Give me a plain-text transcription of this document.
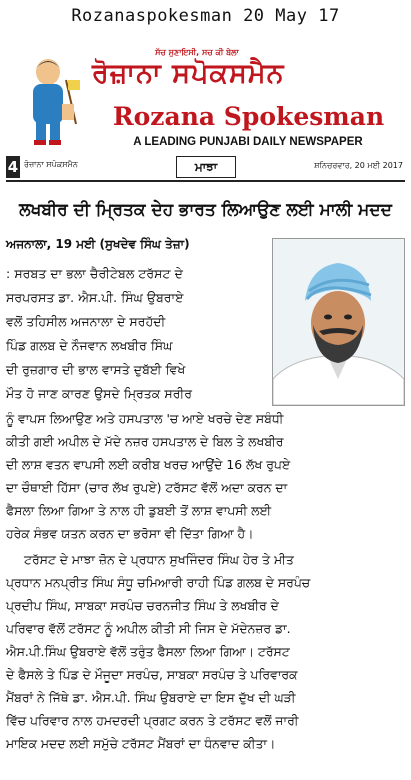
Rozanaspokesman 20 May 17
ਸੱਚ ਸੁਣਾਇਸੀ, ਸਚ ਕੀ ਬੇਲਾ
ਰੋਜ਼ਾਨਾ ਸਪੋਕਸਮੈਨ
Rozana Spokesman
A LEADING PUNJABI DAILY NEWSPAPER
4 ਰੋਜ਼ਾਨਾ ਸਪੋਕਸਮੈਨ	ਮਾਝਾ	ਸ਼ਨਿਚਰਵਾਰ, 20 ਮਈ 2017
ਲਖਬੀਰ ਦੀ ਮ੍ਰਿਤਕ ਦੇਹ ਭਾਰਤ ਲਿਆਉਣ ਲਈ ਮਾਲੀ ਮਦਦ
ਅਜਨਾਲਾ, 19 ਮਈ (ਸੁਖਦੇਵ ਸਿੰਘ ਤੇਜ਼ਾ)
: ਸਰਬਤ ਦਾ ਭਲਾ ਚੈਰੀਟੇਬਲ ਟਰੱਸਟ ਦੇ
ਸਰਪਰਸਤ ਡਾ. ਐਸ.ਪੀ. ਸਿੰਘ ਉਬਰਾਏ
ਵਲੋਂ ਤਹਿਸੀਲ ਅਜਨਾਲਾ ਦੇ ਸਰਹੱਦੀ
ਪਿੰਡ ਗਲਬ ਦੇ ਨੌਜਵਾਨ ਲਖਬੀਰ ਸਿੰਘ
ਦੀ ਰੁਜ਼ਗਾਰ ਦੀ ਭਾਲ ਵਾਸਤੇ ਦੁਬੱਈ ਵਿਖੇ
ਮੌਤ ਹੋ ਜਾਣ ਕਾਰਣ ਉਸਦੇ ਮ੍ਰਿਤਕ ਸਰੀਰ
ਨੂੰ ਵਾਪਸ ਲਿਆਉਣ ਅਤੇ ਹਸਪਤਾਲ 'ਚ ਆਏ ਖਰਚੇ ਦੇਣ ਸਬੰਧੀ
ਕੀਤੀ ਗਈ ਅਪੀਲ ਦੇ ਮੱਦੇ ਨਜ਼ਰ ਹਸਪਤਾਲ ਦੇ ਬਿਲ ਤੇ ਲਖਬੀਰ
ਦੀ ਲਾਸ਼ ਵਤਨ ਵਾਪਸੀ ਲਈ ਕਰੀਬ ਖਰਚ ਆਉਂਦੇ 16 ਲੱਖ ਰੁਪਏ
ਦਾ ਚੌਥਾਈ ਹਿੱਸਾ (ਚਾਰ ਲੱਖ ਰੁਪਏ) ਟਰੱਸਟ ਵੱਲੋਂ ਅਦਾ ਕਰਨ ਦਾ
ਫੈਸਲਾ ਲਿਆ ਗਿਆ ਤੇ ਨਾਲ ਹੀ ਡੁਬਈ ਤੋਂ ਲਾਸ਼ ਵਾਪਸੀ ਲਈ
ਹਰੇਕ ਸੰਭਵ ਯਤਨ ਕਰਨ ਦਾ ਭਰੋਸਾ ਵੀ ਦਿੱਤਾ ਗਿਆ ਹੈ।
ਟਰੱਸਟ ਦੇ ਮਾਝਾ ਜ਼ੋਨ ਦੇ ਪ੍ਰਧਾਨ ਸੁਖਜਿੰਦਰ ਸਿੰਘ ਹੇਰ ਤੇ ਮੀਤ
ਪ੍ਰਧਾਨ ਮਨਪ੍ਰੀਤ ਸਿੰਘ ਸੰਧੂ ਚਮਿਆਰੀ ਰਾਹੀ ਪਿੰਡ ਗਲਬ ਦੇ ਸਰਪੰਚ
ਪ੍ਰਦੀਪ ਸਿੰਘ, ਸਾਬਕਾ ਸਰਪੰਚ ਚਰਨਜੀਤ ਸਿੰਘ ਤੇ ਲਖਬੀਰ ਦੇ
ਪਰਿਵਾਰ ਵੱਲੋਂ ਟਰੱਸਟ ਨੂੰ ਅਪੀਲ ਕੀਤੀ ਸੀ ਜਿਸ ਦੇ ਮੱਦੇਨਜ਼ਰ ਡਾ.
ਐਸ.ਪੀ.ਸਿੰਘ ਉਬਰਾਏ ਵੱਲੋਂ ਤਰੁੰਤ ਫੈਸਲਾ ਲਿਆ ਗਿਆ। ਟਰੱਸਟ
ਦੇ ਫੈਸਲੇ ਤੇ ਪਿੰਡ ਦੇ ਮੌਜੂਦਾ ਸਰਪੰਚ, ਸਾਬਕਾ ਸਰਪੰਚ ਤੇ ਪਰਿਵਾਰਕ
ਮੈਂਬਰਾਂ ਨੇ ਜਿੱਥੇ ਡਾ. ਐਸ.ਪੀ. ਸਿੰਘ ਉਬਰਾਏ ਦਾ ਇਸ ਦੁੱਖ ਦੀ ਘੜੀ
ਵਿੱਚ ਪਰਿਵਾਰ ਨਾਲ ਹਮਦਰਦੀ ਪ੍ਰਗਟ ਕਰਨ ਤੇ ਟਰੱਸਟ ਵਲੋਂ ਜਾਰੀ
ਮਾਇਕ ਮਦਦ ਲਈ ਸਮੁੱਚੇ ਟਰੱਸਟ ਮੈਂਬਰਾਂ ਦਾ ਧੰਨਵਾਦ ਕੀਤਾ।
